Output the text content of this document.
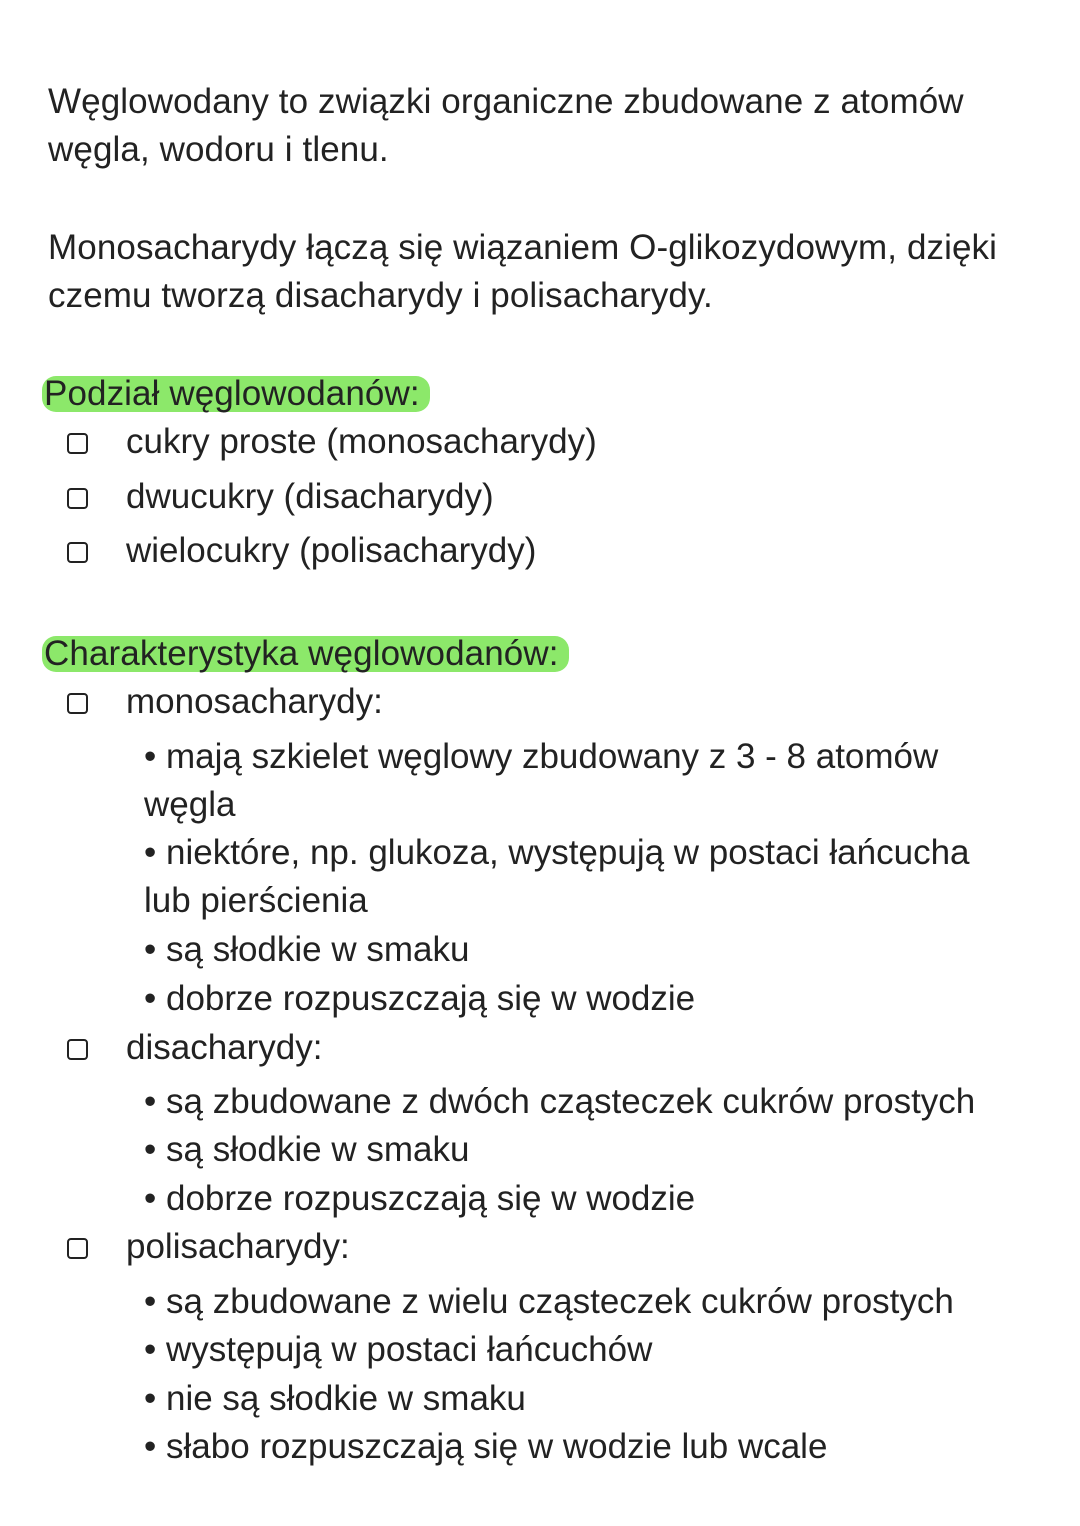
Węglowodany to związki organiczne zbudowane z atomów
węgla, wodoru i tlenu.
Monosacharydy łączą się wiązaniem O-glikozydowym, dzięki
czemu tworzą disacharydy i polisacharydy.
Podział węglowodanów:
cukry proste (monosacharydy)
dwucukry (disacharydy)
wielocukry (polisacharydy)
Charakterystyka węglowodanów:
monosacharydy:
• mają szkielet węglowy zbudowany z 3 - 8 atomów
węgla
• niektóre, np. glukoza, występują w postaci łańcucha
lub pierścienia
• są słodkie w smaku
• dobrze rozpuszczają się w wodzie
disacharydy:
• są zbudowane z dwóch cząsteczek cukrów prostych
• są słodkie w smaku
• dobrze rozpuszczają się w wodzie
polisacharydy:
• są zbudowane z wielu cząsteczek cukrów prostych
• występują w postaci łańcuchów
• nie są słodkie w smaku
• słabo rozpuszczają się w wodzie lub wcale
